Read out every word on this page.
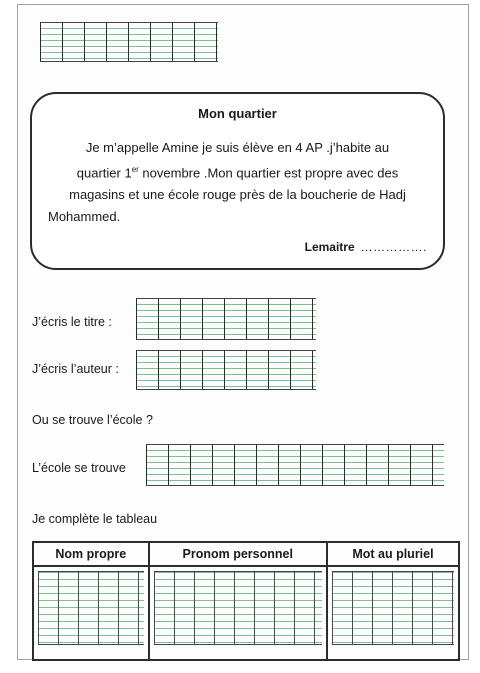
Mon quartier
Je m’appelle Amine je suis élève en 4 AP .j’habite au
quartier 1er novembre .Mon quartier est propre avec des
magasins et une école rouge près de la boucherie de Hadj
Mohammed.
Lemaitre …………….
J’écris le titre :
J’écris l’auteur :
Ou se trouve l’école ?
L’école se trouve
Je complète le tableau
Nom propre	Pronom personnel	Mot au pluriel
